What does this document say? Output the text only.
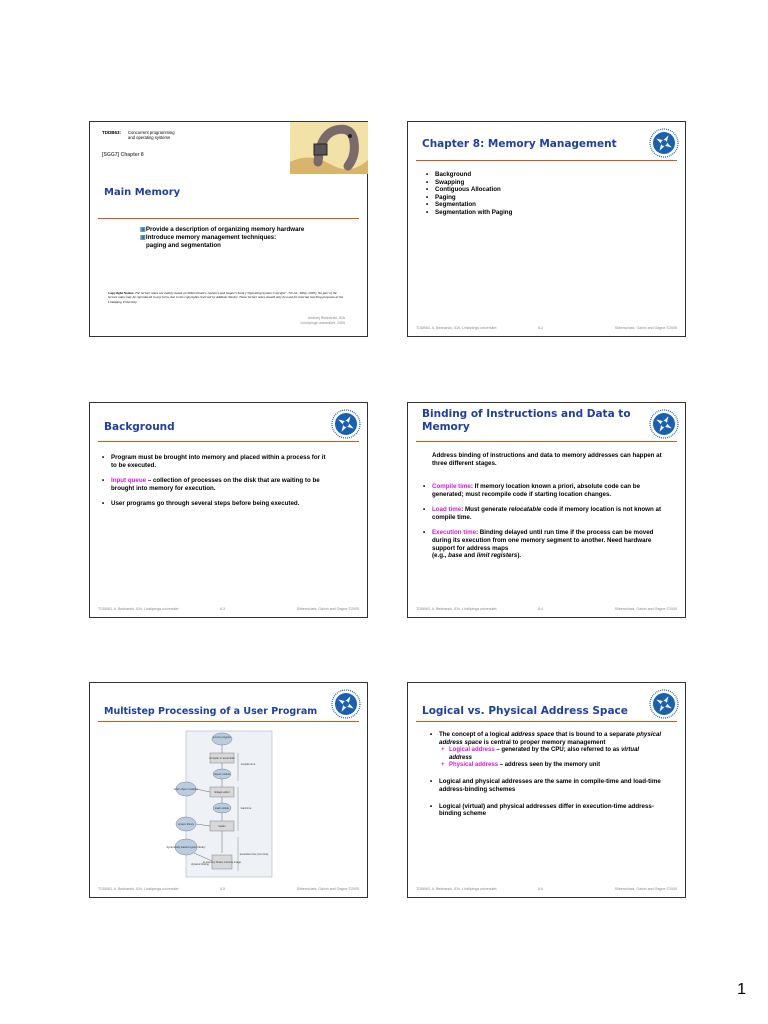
TDDB63: Concurrent programming
and operating systems
[SGG7] Chapter 8
Main Memory
▣Provide a description of organizing memory hardware
▣Introduce memory management techniques:
paging and segmentation
Copyright Notice: The lecture notes are mainly based on Silberschatz's, Galvin's and Gagne's book ("Operating System Concepts", 7th ed., Wiley, 2005). No part of the lecture notes may be reproduced in any form, due to the copyrights reserved by Addison-Wesley. These lecture notes should only be used for internal teaching purposes at the Linköping University.
Andrzej Bednarski, IDA
Linköpings universitet, 2005
Chapter 8: Memory Management
• Background
• Swapping
• Contiguous Allocation
• Paging
• Segmentation
• Segmentation with Paging
TDDB63, A. Bednarski, IDA, Linköpings universitet	8.2	Silberschatz, Galvin and Gagne ©2005
Background
• Program must be brought into memory and placed within a process for it to be executed.
• Input queue – collection of processes on the disk that are waiting to be brought into memory for execution.
• User programs go through several steps before being executed.
TDDB63, A. Bednarski, IDA, Linköpings universitet	8.3	Silberschatz, Galvin and Gagne ©2005
Binding of Instructions and Data to
Memory
Address binding of instructions and data to memory addresses can happen at three different stages.
• Compile time: If memory location known a priori, absolute code can be generated; must recompile code if starting location changes.
• Load time: Must generate relocatable code if memory location is not known at compile time.
• Execution time: Binding delayed until run time if the process can be moved during its execution from one memory segment to another. Need hardware support for address maps
(e.g., base and limit registers).
TDDB63, A. Bednarski, IDA, Linköpings universitet	8.4	Silberschatz, Galvin and Gagne ©2005
Multistep Processing of a User Program
source program
compiler or assembler
object module
other object modules
linkage editor
load module
system library
loader
dynamically loaded system library
in-memory binary memory image
dynamic linking
compile time
load time
execution time (run time)
TDDB63, A. Bednarski, IDA, Linköpings universitet	8.5	Silberschatz, Galvin and Gagne ©2005
Logical vs. Physical Address Space
• The concept of a logical address space that is bound to a separate physical address space is central to proper memory management
+ Logical address – generated by the CPU; also referred to as virtual address
+ Physical address – address seen by the memory unit
• Logical and physical addresses are the same in compile-time and load-time address-binding schemes
• Logical (virtual) and physical addresses differ in execution-time address-binding scheme
TDDB63, A. Bednarski, IDA, Linköpings universitet	8.6	Silberschatz, Galvin and Gagne ©2005
1
